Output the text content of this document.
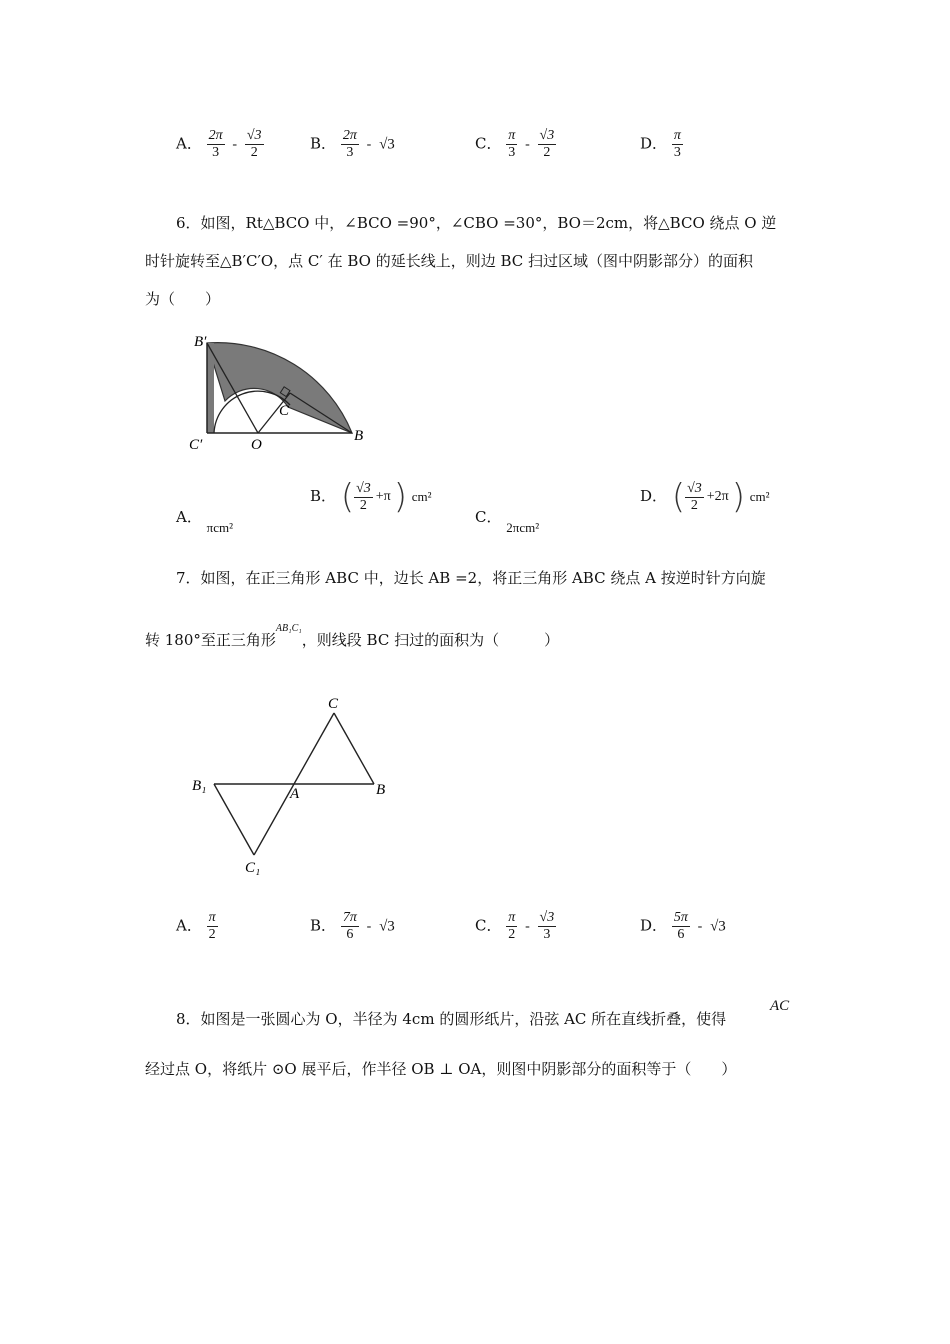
A． $\frac{2\pi}{3} - \frac{√3}{2}$	B． $\frac{2\pi}{3} - √3$	C． $\frac{\pi}{3} - \frac{√3}{2}$	D． $\frac{\pi}{3}$
6．如图，Rt△BCO 中，∠BCO =90°，∠CBO =30°，BO＝2cm，将△BCO 绕点 O 逆
时针旋转至△B′C′O，点 C′ 在 BO 的延长线上，则边 BC 扫过区域（图中阴影部分）的面积
为（　　）
B′
C′	O
B
C
A． πcm²
B． ( $\frac{√3}{2} +\pi$) cm²
C． 2πcm²
D． ( $\frac{√3}{2} +2\pi$) cm²
7．如图，在正三角形 ABC 中，边长 AB =2，将正三角形 ABC 绕点 A 按逆时针方向旋
转 180°至正三角形$^{AB_1C_1}$，则线段 BC 扫过的面积为（　　　）
C
B₁	A	B
C₁
A． $\frac{\pi}{2}$	B． $\frac{7\pi}{6} - √3$	C． $\frac{\pi}{2} - \frac{√3}{3}$	D． $\frac{5\pi}{6} - √3$
8．如图是一张圆心为 O，半径为 4cm 的圆形纸片，沿弦 AC 所在直线折叠，使得
AC
经过点 O，将纸片 ⊙O 展平后，作半径 OB ⊥ OA，则图中阴影部分的面积等于（　　）
